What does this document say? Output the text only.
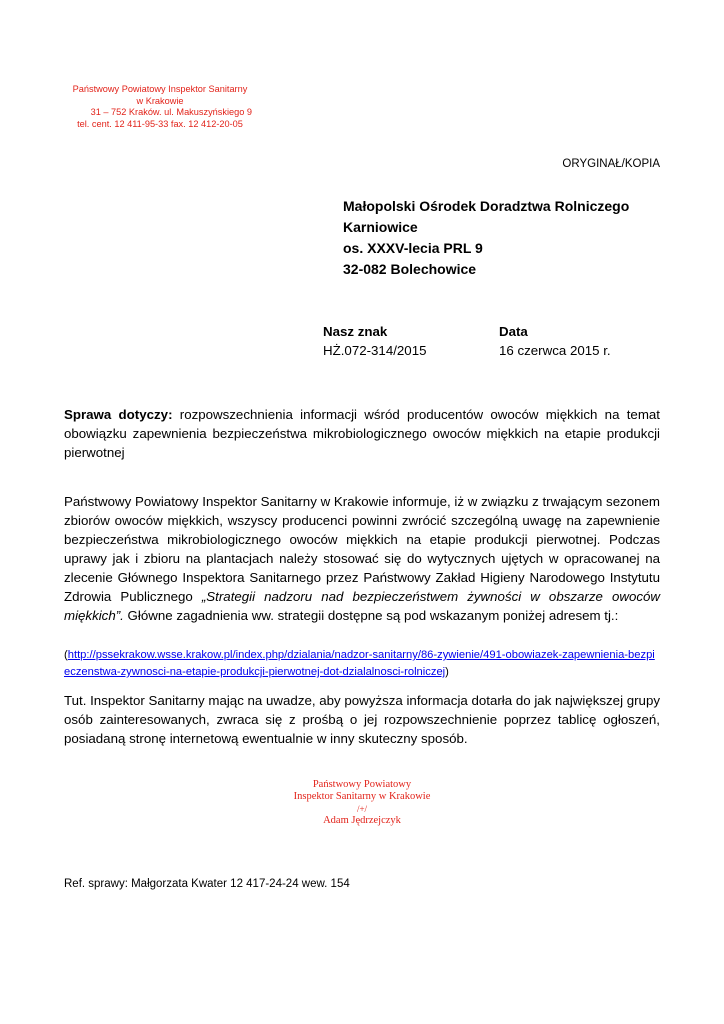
Państwowy Powiatowy Inspektor Sanitarny
w Krakowie
31 – 752 Kraków. ul. Makuszyńskiego 9
tel. cent. 12 411-95-33 fax. 12 412-20-05
ORYGINAŁ/KOPIA
Małopolski Ośrodek Doradztwa Rolniczego
Karniowice
os. XXXV-lecia PRL 9
32-082 Bolechowice
Nasz znak
HŻ.072-314/2015
Data
16 czerwca 2015 r.
Sprawa dotyczy: rozpowszechnienia informacji wśród producentów owoców miękkich na temat obowiązku zapewnienia bezpieczeństwa mikrobiologicznego owoców miękkich na etapie produkcji pierwotnej

Państwowy Powiatowy Inspektor Sanitarny w Krakowie informuje, iż w związku z trwającym sezonem zbiorów owoców miękkich, wszyscy producenci powinni zwrócić szczególną uwagę na zapewnienie bezpieczeństwa mikrobiologicznego owoców miękkich na etapie produkcji pierwotnej. Podczas uprawy jak i zbioru na plantacjach należy stosować się do wytycznych ujętych w opracowanej na zlecenie Głównego Inspektora Sanitarnego przez Państwowy Zakład Higieny Narodowego Instytutu Zdrowia Publicznego „Strategii nadzoru nad bezpieczeństwem żywności w obszarze owoców miękkich”. Główne zagadnienia ww. strategii dostępne są pod wskazanym poniżej adresem tj.:

(http://pssekrakow.wsse.krakow.pl/index.php/dzialania/nadzor-sanitarny/86-zywienie/491-obowiazek-zapewnienia-bezpieczenstwa-zywnosci-na-etapie-produkcji-pierwotnej-dot-dzialalnosci-rolniczej)
Tut. Inspektor Sanitarny mając na uwadze, aby powyższa informacja dotarła do jak największej grupy osób zainteresowanych, zwraca się z prośbą o jej rozpowszechnienie poprzez tablicę ogłoszeń, posiadaną stronę internetową ewentualnie w inny skuteczny sposób.
Państwowy Powiatowy
Inspektor Sanitarny w Krakowie
/+/
Adam Jędrzejczyk
Ref. sprawy: Małgorzata Kwater 12 417-24-24 wew. 154
